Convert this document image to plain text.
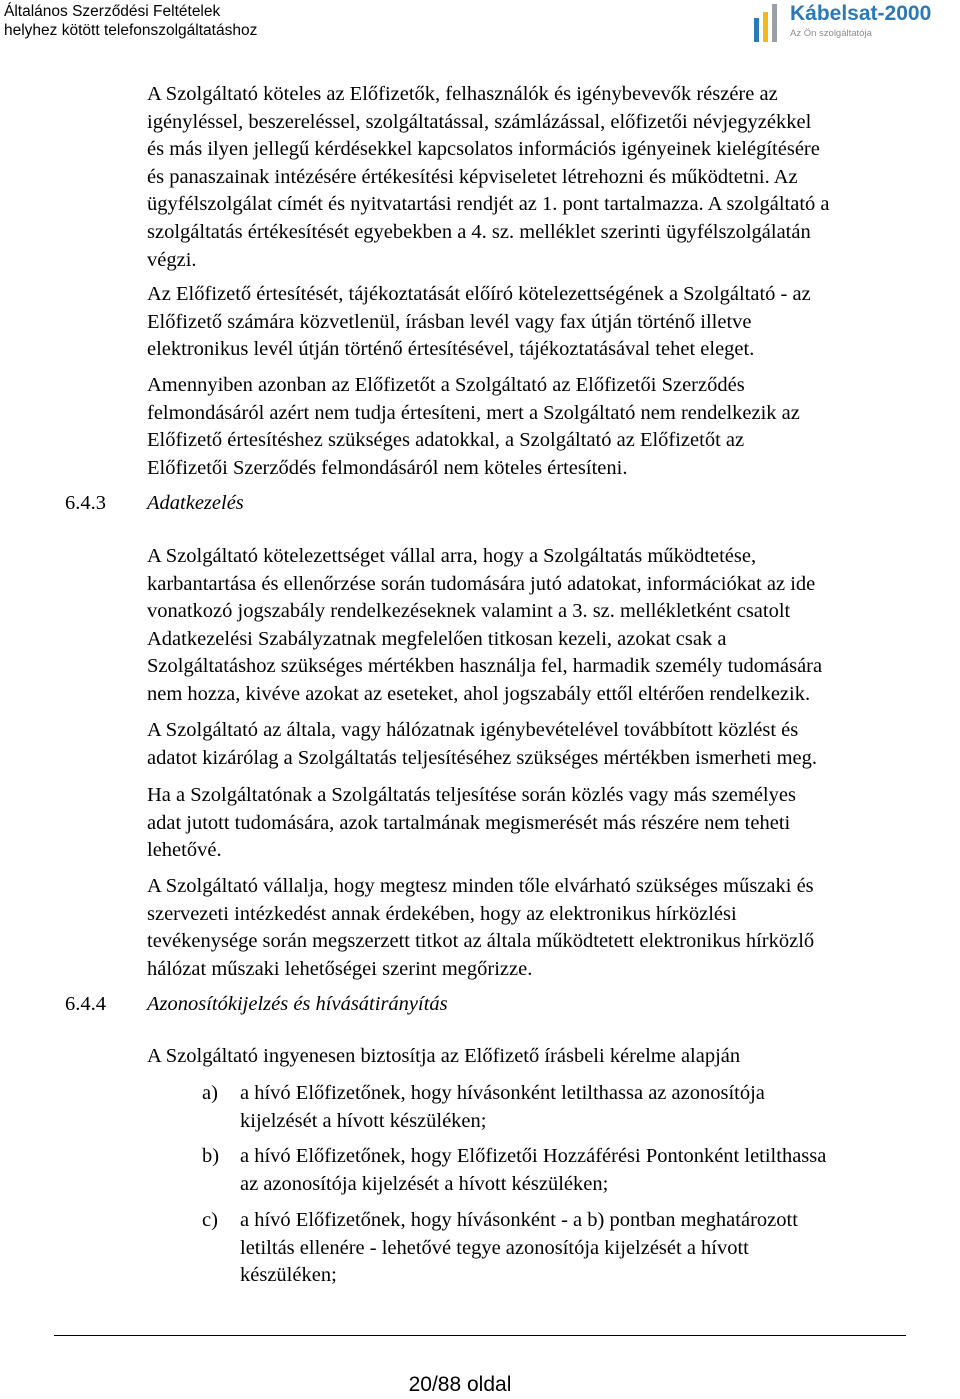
Általános Szerződési Feltételek
helyhez kötött telefonszolgáltatáshoz
Kábelsat-2000
Az Ön szolgáltatója
A Szolgáltató köteles az Előfizetők, felhasználók és igénybevevők részére az
igényléssel, beszereléssel, szolgáltatással, számlázással, előfizetői névjegyzékkel
és más ilyen jellegű kérdésekkel kapcsolatos információs igényeinek kielégítésére
és panaszainak intézésére értékesítési képviseletet létrehozni és működtetni. Az
ügyfélszolgálat címét és nyitvatartási rendjét az 1. pont tartalmazza. A szolgáltató a
szolgáltatás értékesítését egyebekben a 4. sz. melléklet szerinti ügyfélszolgálatán
végzi.
Az Előfizető értesítését, tájékoztatását előíró kötelezettségének a Szolgáltató - az
Előfizető számára közvetlenül, írásban levél vagy fax útján történő illetve
elektronikus levél útján történő értesítésével, tájékoztatásával tehet eleget.
Amennyiben azonban az Előfizetőt a Szolgáltató az Előfizetői Szerződés
felmondásáról azért nem tudja értesíteni, mert a Szolgáltató nem rendelkezik az
Előfizető értesítéshez szükséges adatokkal, a Szolgáltató az Előfizetőt az
Előfizetői Szerződés felmondásáról nem köteles értesíteni.
6.4.3 Adatkezelés
A Szolgáltató kötelezettséget vállal arra, hogy a Szolgáltatás működtetése,
karbantartása és ellenőrzése során tudomására jutó adatokat, információkat az ide
vonatkozó jogszabály rendelkezéseknek valamint a 3. sz. mellékletként csatolt
Adatkezelési Szabályzatnak megfelelően titkosan kezeli, azokat csak a
Szolgáltatáshoz szükséges mértékben használja fel, harmadik személy tudomására
nem hozza, kivéve azokat az eseteket, ahol jogszabály ettől eltérően rendelkezik.
A Szolgáltató az általa, vagy hálózatnak igénybevételével továbbított közlést és
adatot kizárólag a Szolgáltatás teljesítéséhez szükséges mértékben ismerheti meg.
Ha a Szolgáltatónak a Szolgáltatás teljesítése során közlés vagy más személyes
adat jutott tudomására, azok tartalmának megismerését más részére nem teheti
lehetővé.
A Szolgáltató vállalja, hogy megtesz minden tőle elvárható szükséges műszaki és
szervezeti intézkedést annak érdekében, hogy az elektronikus hírközlési
tevékenysége során megszerzett titkot az általa működtetett elektronikus hírközlő
hálózat műszaki lehetőségei szerint megőrizze.
6.4.4 Azonosítókijelzés és hívásátirányítás
A Szolgáltató ingyenesen biztosítja az Előfizető írásbeli kérelme alapján
a) a hívó Előfizetőnek, hogy hívásonként letilthassa az azonosítója
kijelzését a hívott készüléken;
b) a hívó Előfizetőnek, hogy Előfizetői Hozzáférési Pontonként letilthassa
az azonosítója kijelzését a hívott készüléken;
c) a hívó Előfizetőnek, hogy hívásonként - a b) pontban meghatározott
letiltás ellenére - lehetővé tegye azonosítója kijelzését a hívott
készüléken;
20/88 oldal
